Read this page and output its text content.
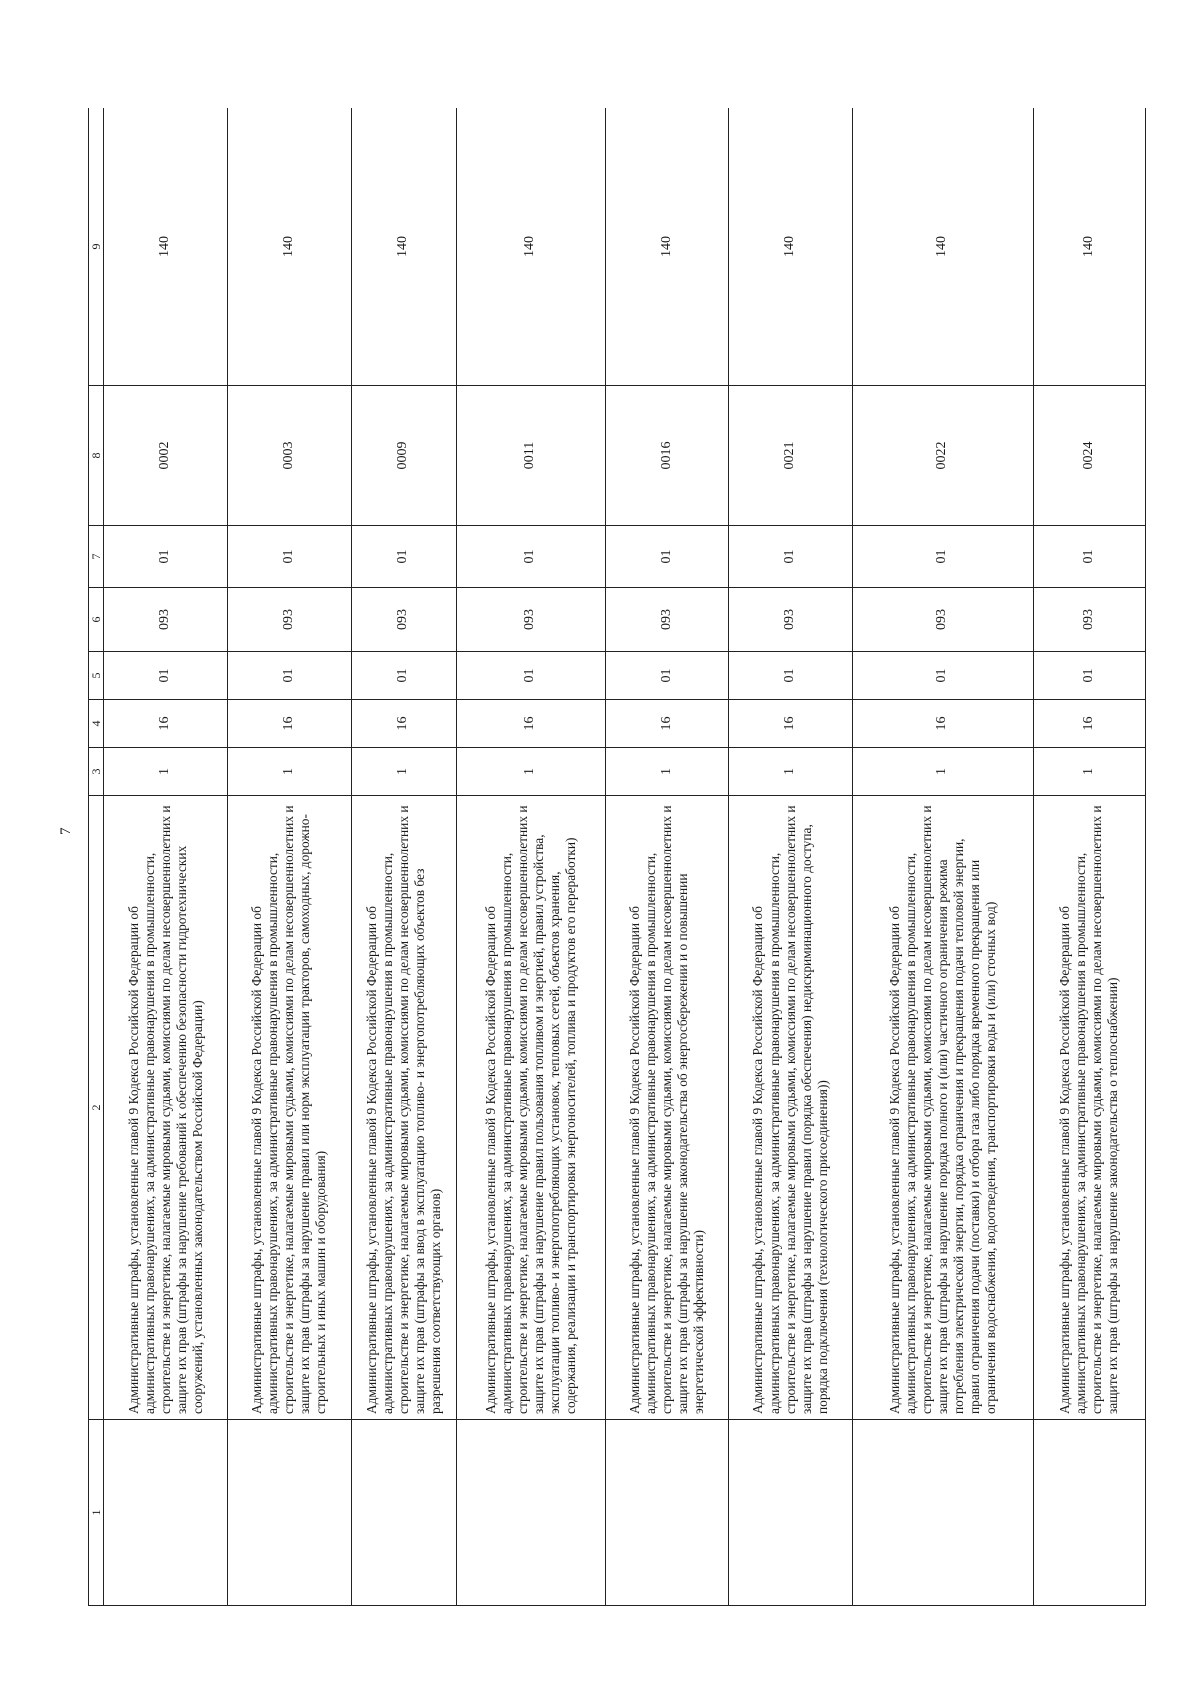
7
1	2	3	4	5	6	7	8	9
	Административные штрафы, установленные главой 9 Кодекса Российской Федерации об административных правонарушениях, за административные правонарушения в промышленности, строительстве и энергетике, налагаемые мировыми судьями, комиссиями по делам несовершеннолетних и защите их прав (штрафы за нарушение требований к обеспечению безопасности гидротехнических сооружений, установленных законодательством Российской Федерации)	1	16	01	093	01	0002	140
	Административные штрафы, установленные главой 9 Кодекса Российской Федерации об административных правонарушениях, за административные правонарушения в промышленности, строительстве и энергетике, налагаемые мировыми судьями, комиссиями по делам несовершеннолетних и защите их прав (штрафы за нарушение правил или норм эксплуатации тракторов, самоходных, дорожно-строительных и иных машин и оборудования)	1	16	01	093	01	0003	140
	Административные штрафы, установленные главой 9 Кодекса Российской Федерации об административных правонарушениях, за административные правонарушения в промышленности, строительстве и энергетике, налагаемые мировыми судьями, комиссиями по делам несовершеннолетних и защите их прав (штрафы за ввод в эксплуатацию топливо- и энергопотребляющих объектов без разрешения соответствующих органов)	1	16	01	093	01	0009	140
	Административные штрафы, установленные главой 9 Кодекса Российской Федерации об административных правонарушениях, за административные правонарушения в промышленности, строительстве и энергетике, налагаемые мировыми судьями, комиссиями по делам несовершеннолетних и защите их прав (штрафы за нарушение правил пользования топливом и энергией, правил устройства, эксплуатации топливо- и энергопотребляющих установок, тепловых сетей, объектов хранения, содержания, реализации и транспортировки энергоносителей, топлива и продуктов его переработки)	1	16	01	093	01	0011	140
	Административные штрафы, установленные главой 9 Кодекса Российской Федерации об административных правонарушениях, за административные правонарушения в промышленности, строительстве и энергетике, налагаемые мировыми судьями, комиссиями по делам несовершеннолетних и защите их прав (штрафы за нарушение законодательства об энергосбережении и о повышении энергетической эффективности)	1	16	01	093	01	0016	140
	Административные штрафы, установленные главой 9 Кодекса Российской Федерации об административных правонарушениях, за административные правонарушения в промышленности, строительстве и энергетике, налагаемые мировыми судьями, комиссиями по делам несовершеннолетних и защите их прав (штрафы за нарушение правил (порядка обеспечения) недискриминационного доступа, порядка подключения (технологического присоединения))	1	16	01	093	01	0021	140
	Административные штрафы, установленные главой 9 Кодекса Российской Федерации об административных правонарушениях, за административные правонарушения в промышленности, строительстве и энергетике, налагаемые мировыми судьями, комиссиями по делам несовершеннолетних и защите их прав (штрафы за нарушение порядка полного и (или) частичного ограничения режима потребления электрической энергии, порядка ограничения и прекращения подачи тепловой энергии, правил ограничения подачи (поставки) и отбора газа либо порядка временного прекращения или ограничения водоснабжения, водоотведения, транспортировки воды и (или) сточных вод)	1	16	01	093	01	0022	140
	Административные штрафы, установленные главой 9 Кодекса Российской Федерации об административных правонарушениях, за административные правонарушения в промышленности, строительстве и энергетике, налагаемые мировыми судьями, комиссиями по делам несовершеннолетних и защите их прав (штрафы за нарушение законодательства о теплоснабжении)	1	16	01	093	01	0024	140
